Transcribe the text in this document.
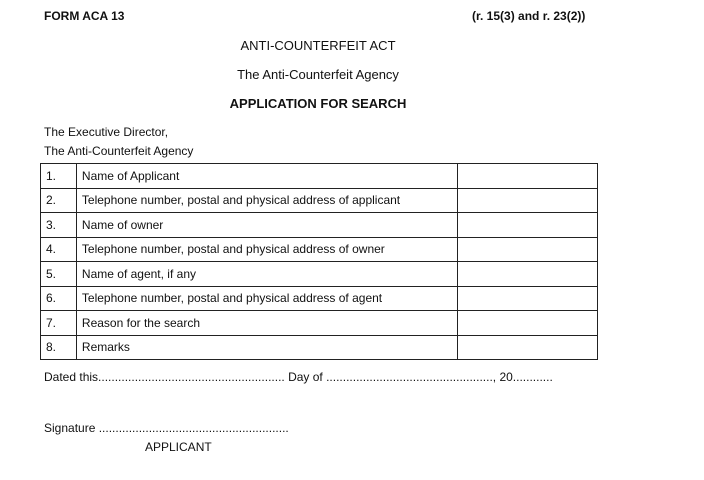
FORM ACA 13	(r. 15(3) and r. 23(2))
ANTI-COUNTERFEIT ACT
The Anti-Counterfeit Agency
APPLICATION FOR SEARCH
The Executive Director,
The Anti-Counterfeit Agency
1.	Name of Applicant	
2.	Telephone number, postal and physical address of applicant	
3.	Name of owner	
4.	Telephone number, postal and physical address of owner	
5.	Name of agent, if any	
6.	Telephone number, postal and physical address of agent	
7.	Reason for the search	
8.	Remarks	
Dated this........................................................ Day of .................................................., 20............
Signature .........................................................
APPLICANT
